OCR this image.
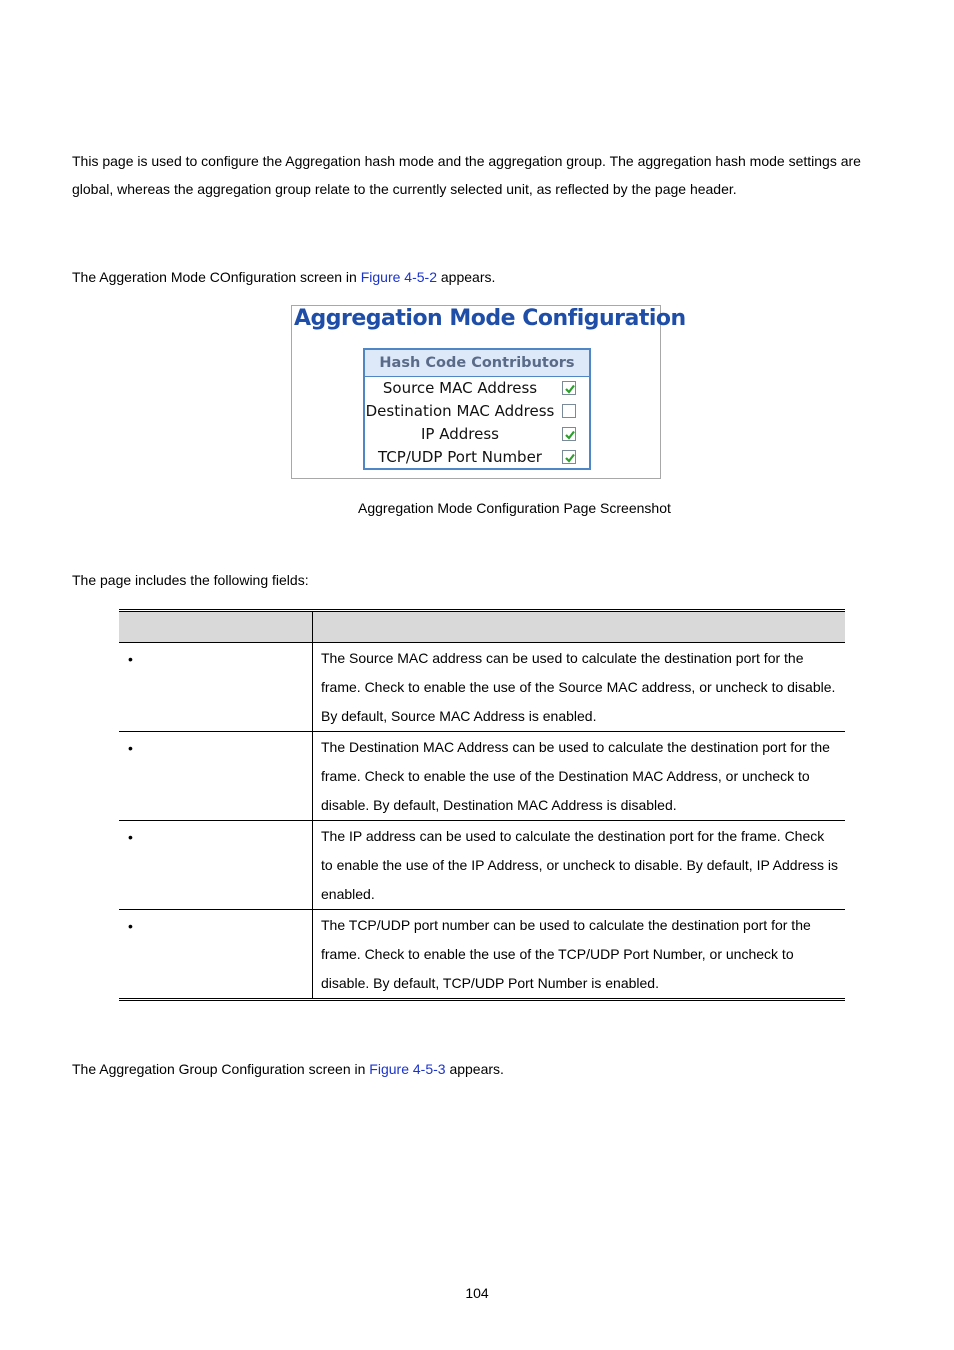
This page is used to configure the Aggregation hash mode and the aggregation group. The aggregation hash mode settings are global, whereas the aggregation group relate to the currently selected unit, as reflected by the page header.

The Aggeration Mode COnfiguration screen in Figure 4-5-2 appears.

Aggregation Mode Configuration
Hash Code Contributors
Source MAC Address
Destination MAC Address
IP Address
TCP/UDP Port Number
Aggregation Mode Configuration Page Screenshot

The page includes the following fields:

•	The Source MAC address can be used to calculate the destination port for the frame. Check to enable the use of the Source MAC address, or uncheck to disable. By default, Source MAC Address is enabled.

•	The Destination MAC Address can be used to calculate the destination port for the frame. Check to enable the use of the Destination MAC Address, or uncheck to disable. By default, Destination MAC Address is disabled.

•	The IP address can be used to calculate the destination port for the frame. Check to enable the use of the IP Address, or uncheck to disable. By default, IP Address is enabled.

•	The TCP/UDP port number can be used to calculate the destination port for the frame. Check to enable the use of the TCP/UDP Port Number, or uncheck to disable. By default, TCP/UDP Port Number is enabled.

The Aggregation Group Configuration screen in Figure 4-5-3 appears.

104
